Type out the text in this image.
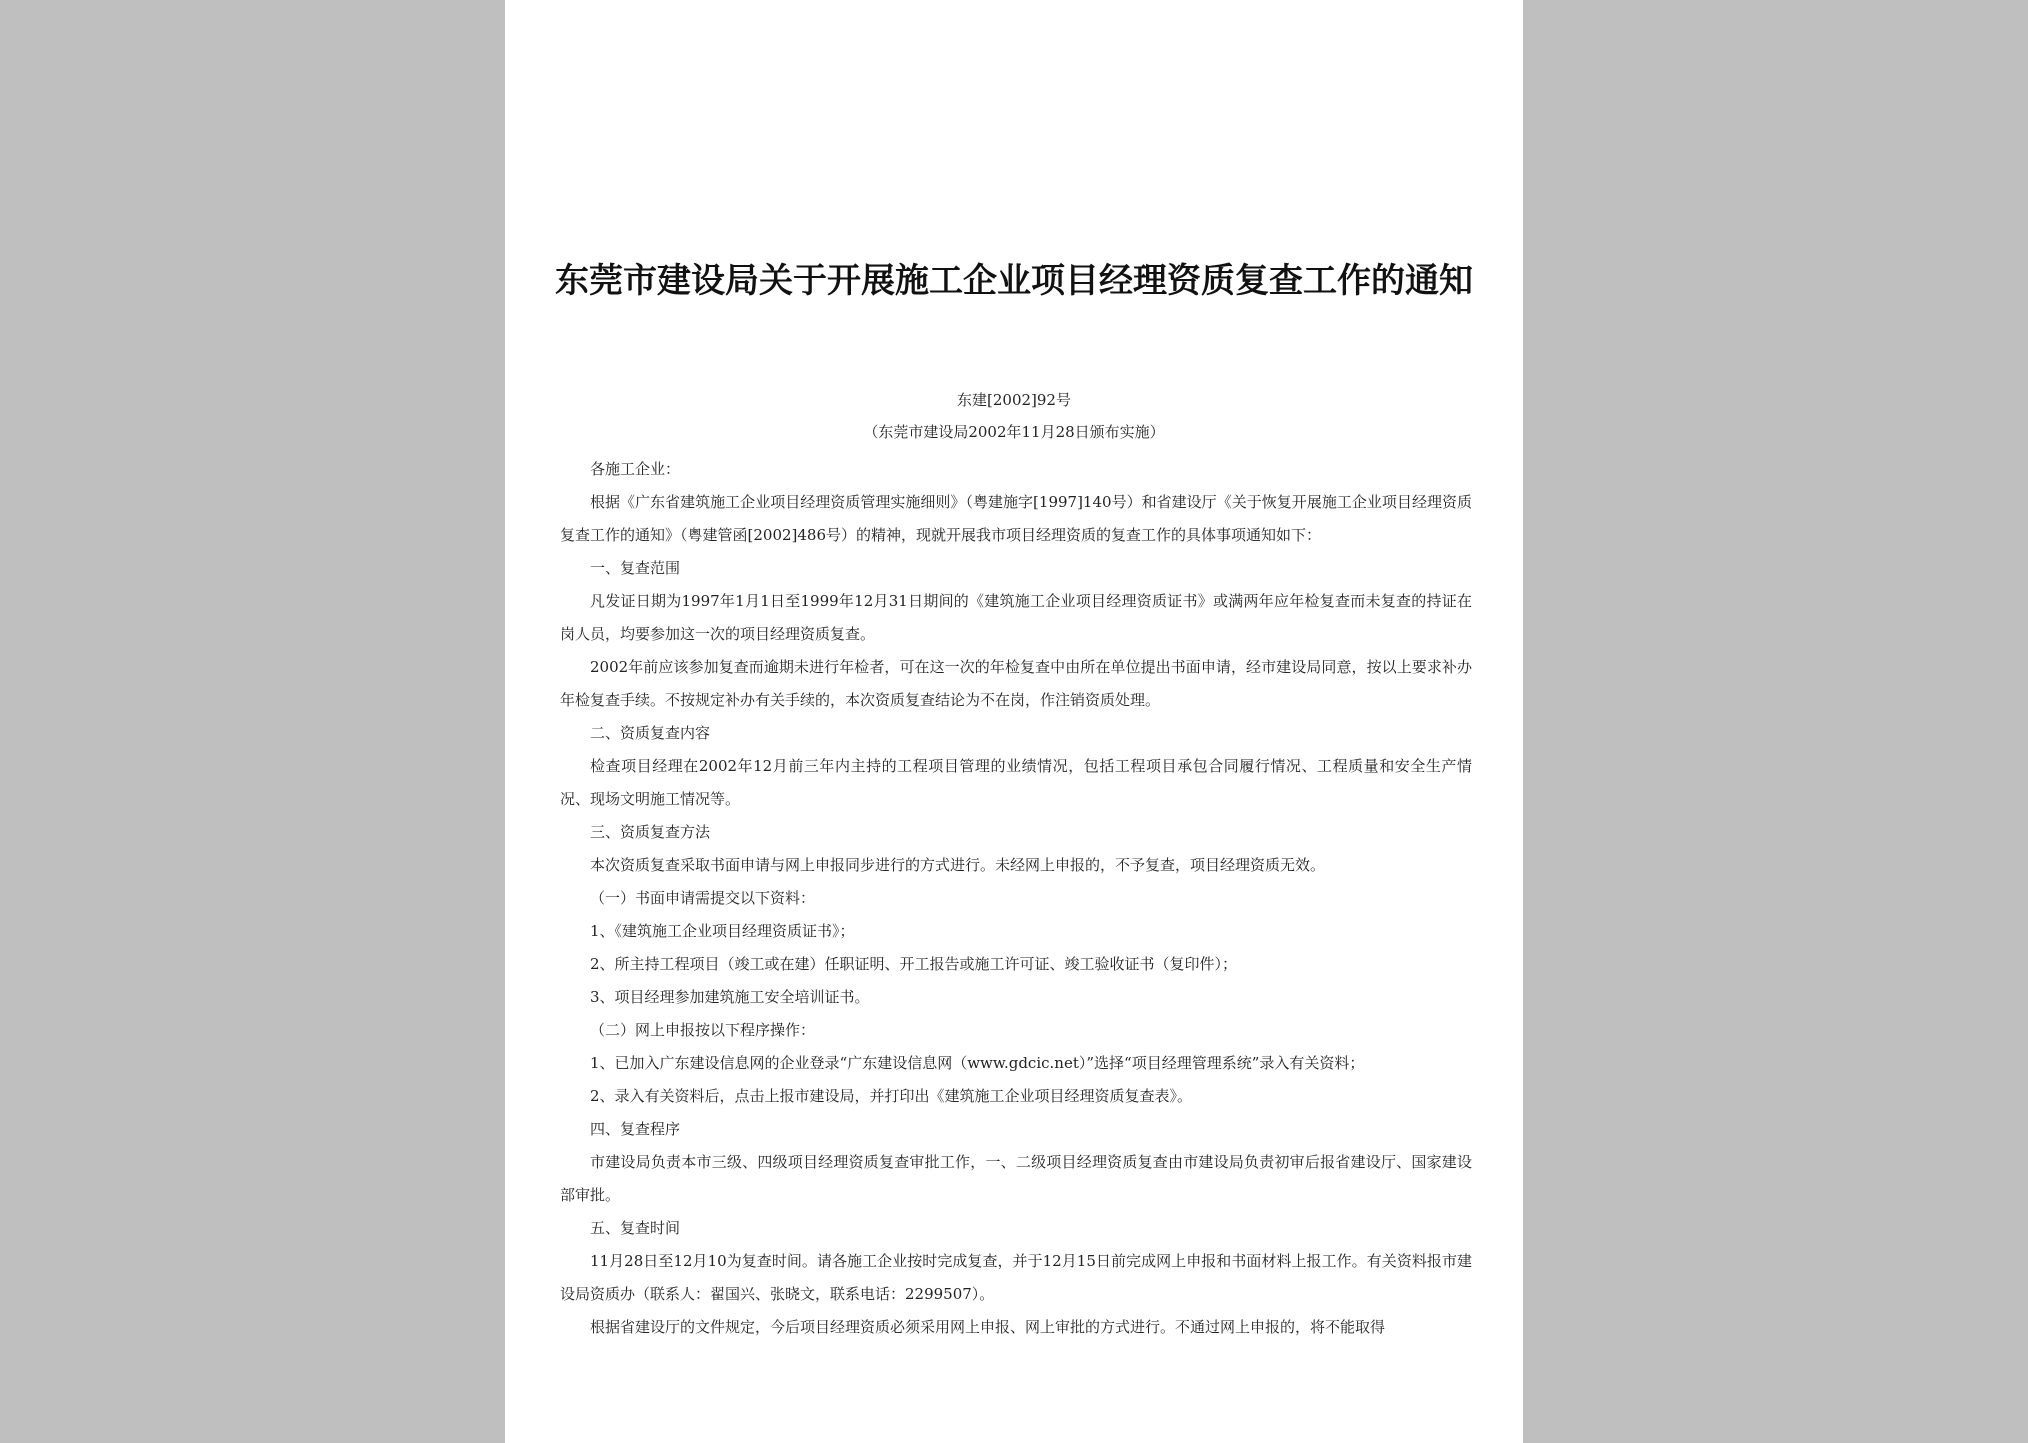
东莞市建设局关于开展施工企业项目经理资质复查工作的通知
东建[2002]92号
（东莞市建设局2002年11月28日颁布实施）

各施工企业：

根据《广东省建筑施工企业项目经理资质管理实施细则》（粤建施字[1997]140号）和省建设厅《关于恢复开展施工企业项目经理资质复查工作的通知》（粤建管函[2002]486号）的精神，现就开展我市项目经理资质的复查工作的具体事项通知如下：

一、复查范围

凡发证日期为1997年1月1日至1999年12月31日期间的《建筑施工企业项目经理资质证书》或满两年应年检复查而未复查的持证在岗人员，均要参加这一次的项目经理资质复查。

2002年前应该参加复查而逾期未进行年检者，可在这一次的年检复查中由所在单位提出书面申请，经市建设局同意，按以上要求补办年检复查手续。不按规定补办有关手续的，本次资质复查结论为不在岗，作注销资质处理。

二、资质复查内容

检查项目经理在2002年12月前三年内主持的工程项目管理的业绩情况，包括工程项目承包合同履行情况、工程质量和安全生产情况、现场文明施工情况等。

三、资质复查方法

本次资质复查采取书面申请与网上申报同步进行的方式进行。未经网上申报的，不予复查，项目经理资质无效。

（一）书面申请需提交以下资料：

1、《建筑施工企业项目经理资质证书》；

2、所主持工程项目（竣工或在建）任职证明、开工报告或施工许可证、竣工验收证书（复印件）；

3、项目经理参加建筑施工安全培训证书。

（二）网上申报按以下程序操作：

1、已加入广东建设信息网的企业登录“广东建设信息网（www.gdcic.net）”选择“项目经理管理系统”录入有关资料；

2、录入有关资料后，点击上报市建设局，并打印出《建筑施工企业项目经理资质复查表》。

四、复查程序

市建设局负责本市三级、四级项目经理资质复查审批工作，一、二级项目经理资质复查由市建设局负责初审后报省建设厅、国家建设部审批。

五、复查时间

11月28日至12月10为复查时间。请各施工企业按时完成复查，并于12月15日前完成网上申报和书面材料上报工作。有关资料报市建设局资质办（联系人：翟国兴、张晓文，联系电话：2299507）。

根据省建设厅的文件规定，今后项目经理资质必须采用网上申报、网上审批的方式进行。不通过网上申报的，将不能取得
